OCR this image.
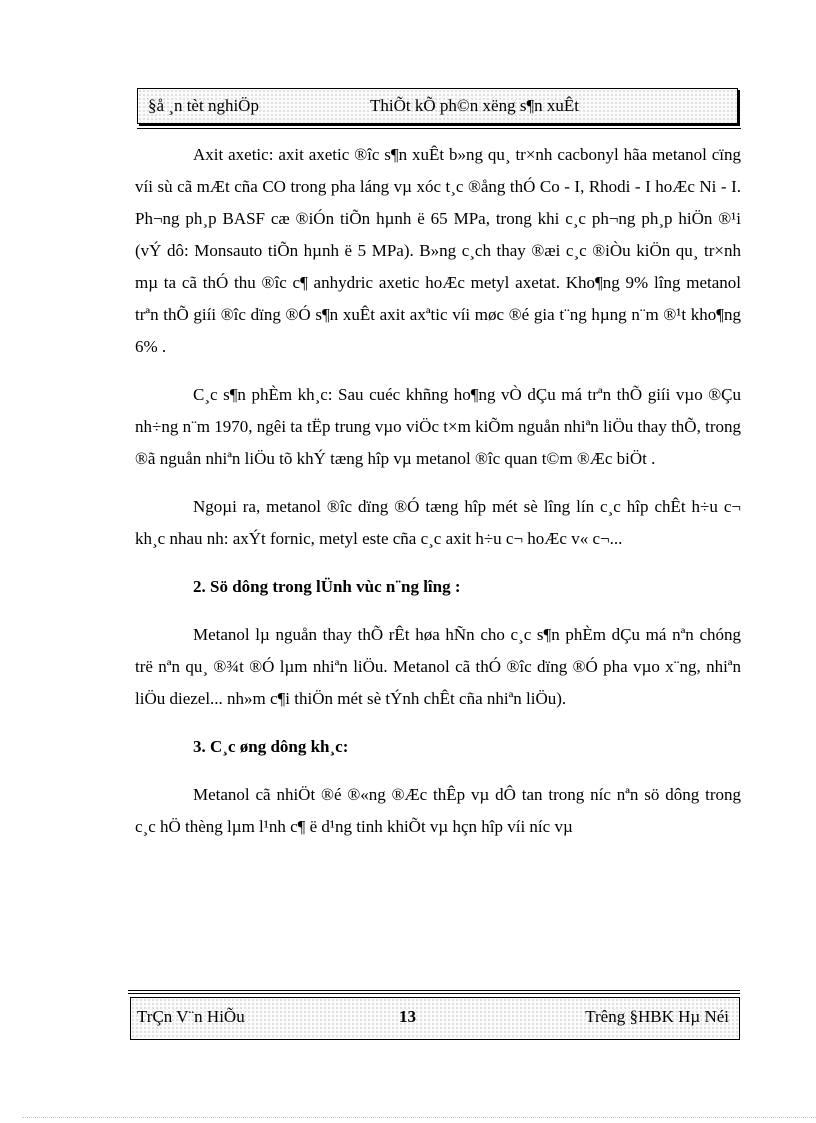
§å ¸n tèt nghiÖp	ThiÕt kÕ ph©n xëng s¶n xuÊt

Axit axetic: axit axetic ®îc s¶n xuÊt b»ng qu¸ tr×nh cacbonyl hãa metanol cïng víi sù cã mÆt cña CO trong pha láng vµ xóc t¸c ®ång thÓ Co - I, Rhodi - I hoÆc Ni - I. Ph¬ng ph¸p BASF cæ ®iÓn tiÕn hµnh ë 65 MPa, trong khi c¸c ph¬ng ph¸p hiÖn ®¹i (vÝ dô: Monsauto tiÕn hµnh ë 5 MPa). B»ng c¸ch thay ®æi c¸c ®iÒu kiÖn qu¸ tr×nh mµ ta cã thÓ thu ®îc c¶ anhydric axetic hoÆc metyl axetat. Kho¶ng 9% lîng metanol trªn thÕ giíi ®îc dïng ®Ó s¶n xuÊt axit axªtic víi møc ®é gia t¨ng hµng n¨m ®¹t kho¶ng 6% .

C¸c s¶n phÈm kh¸c: Sau cuéc khñng ho¶ng vÒ dÇu má trªn thÕ giíi vµo ®Çu nh÷ng n¨m 1970, ngêi ta tËp trung vµo viÖc t×m kiÕm nguån nhiªn liÖu thay thÕ, trong ®ã nguån nhiªn liÖu tõ khÝ tæng hîp vµ metanol ®îc quan t©m ®Æc biÖt .

Ngoµi ra, metanol ®îc dïng ®Ó tæng hîp mét sè lîng lín c¸c hîp chÊt h÷u c¬ kh¸c nhau nh: axÝt fornic, metyl este cña c¸c axit h÷u c¬ hoÆc v« c¬...

2. Sö dông trong lÜnh vùc n¨ng lîng :

Metanol lµ nguån thay thÕ rÊt høa hÑn cho c¸c s¶n phÈm dÇu má nªn chóng trë nªn qu¸ ®¾t ®Ó lµm nhiªn liÖu. Metanol cã thÓ ®îc dïng ®Ó pha vµo x¨ng, nhiªn liÖu diezel... nh»m c¶i thiÖn mét sè tÝnh chÊt cña nhiªn liÖu).

3. C¸c øng dông kh¸c:

Metanol cã nhiÖt ®é ®«ng ®Æc thÊp vµ dÔ tan trong níc nªn sö dông trong c¸c hÖ thèng lµm l¹nh c¶ ë d¹ng tinh khiÕt vµ hçn hîp víi níc vµ

TrÇn V¨n HiÕu	13	Trêng §HBK Hµ Néi
